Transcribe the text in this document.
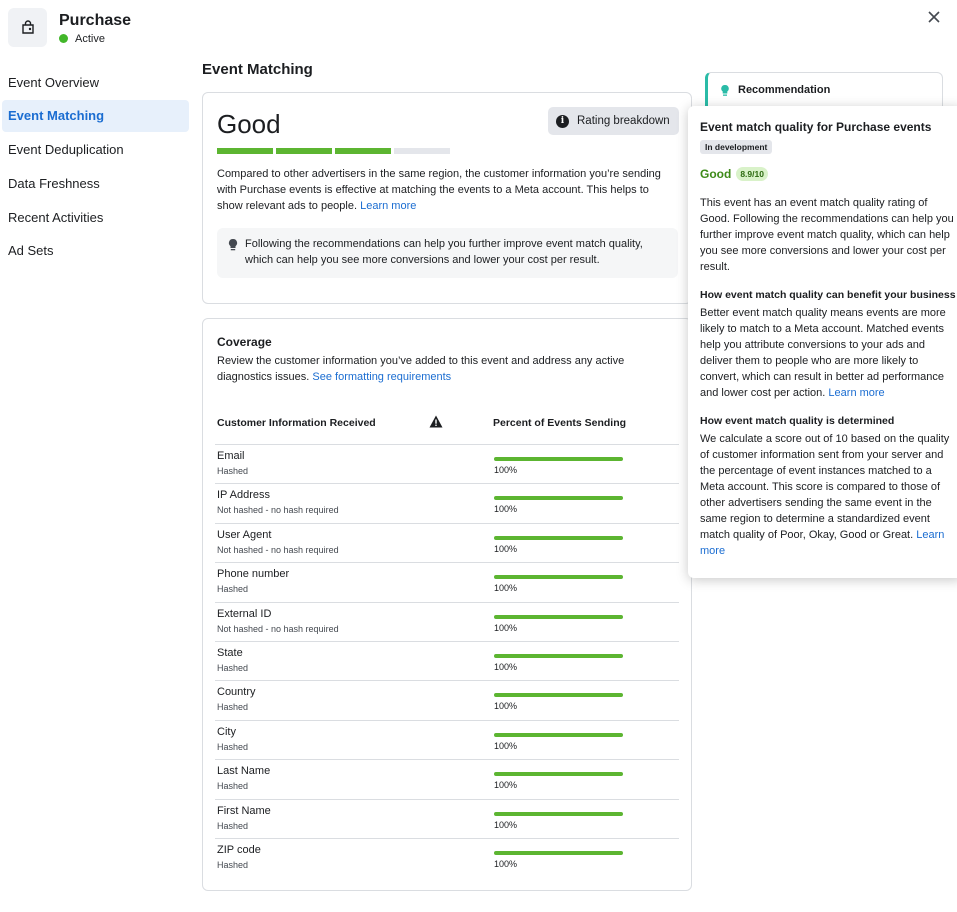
Purchase
Active
Event Overview
Event Matching
Event Deduplication
Data Freshness
Recent Activities
Ad Sets
Event Matching
Good	i	Rating breakdown
Compared to other advertisers in the same region, the customer information you’re sending with Purchase events is effective at matching the events to a Meta account. This helps to show relevant ads to people. Learn more
Following the recommendations can help you further improve event match quality, which can help you see more conversions and lower your cost per result.
Coverage
Review the customer information you’ve added to this event and address any active diagnostics issues. See formatting requirements
Customer Information Received	Percent of Events Sending
Email
Hashed	100%
IP Address
Not hashed - no hash required	100%
User Agent
Not hashed - no hash required	100%
Phone number
Hashed	100%
External ID
Not hashed - no hash required	100%
State
Hashed	100%
Country
Hashed	100%
City
Hashed	100%
Last Name
Hashed	100%
First Name
Hashed	100%
ZIP code
Hashed	100%
Recommendation
Event match quality for Purchase events
In development
Good	8.9/10
This event has an event match quality rating of Good. Following the recommendations can help you further improve event match quality, which can help you see more conversions and lower your cost per result.
How event match quality can benefit your business
Better event match quality means events are more likely to match to a Meta account. Matched events help you attribute conversions to your ads and deliver them to people who are more likely to convert, which can result in better ad performance and lower cost per action. Learn more
How event match quality is determined
We calculate a score out of 10 based on the quality of customer information sent from your server and the percentage of event instances matched to a Meta account. This score is compared to those of other advertisers sending the same event in the same region to determine a standardized event match quality of Poor, Okay, Good or Great. Learn more
